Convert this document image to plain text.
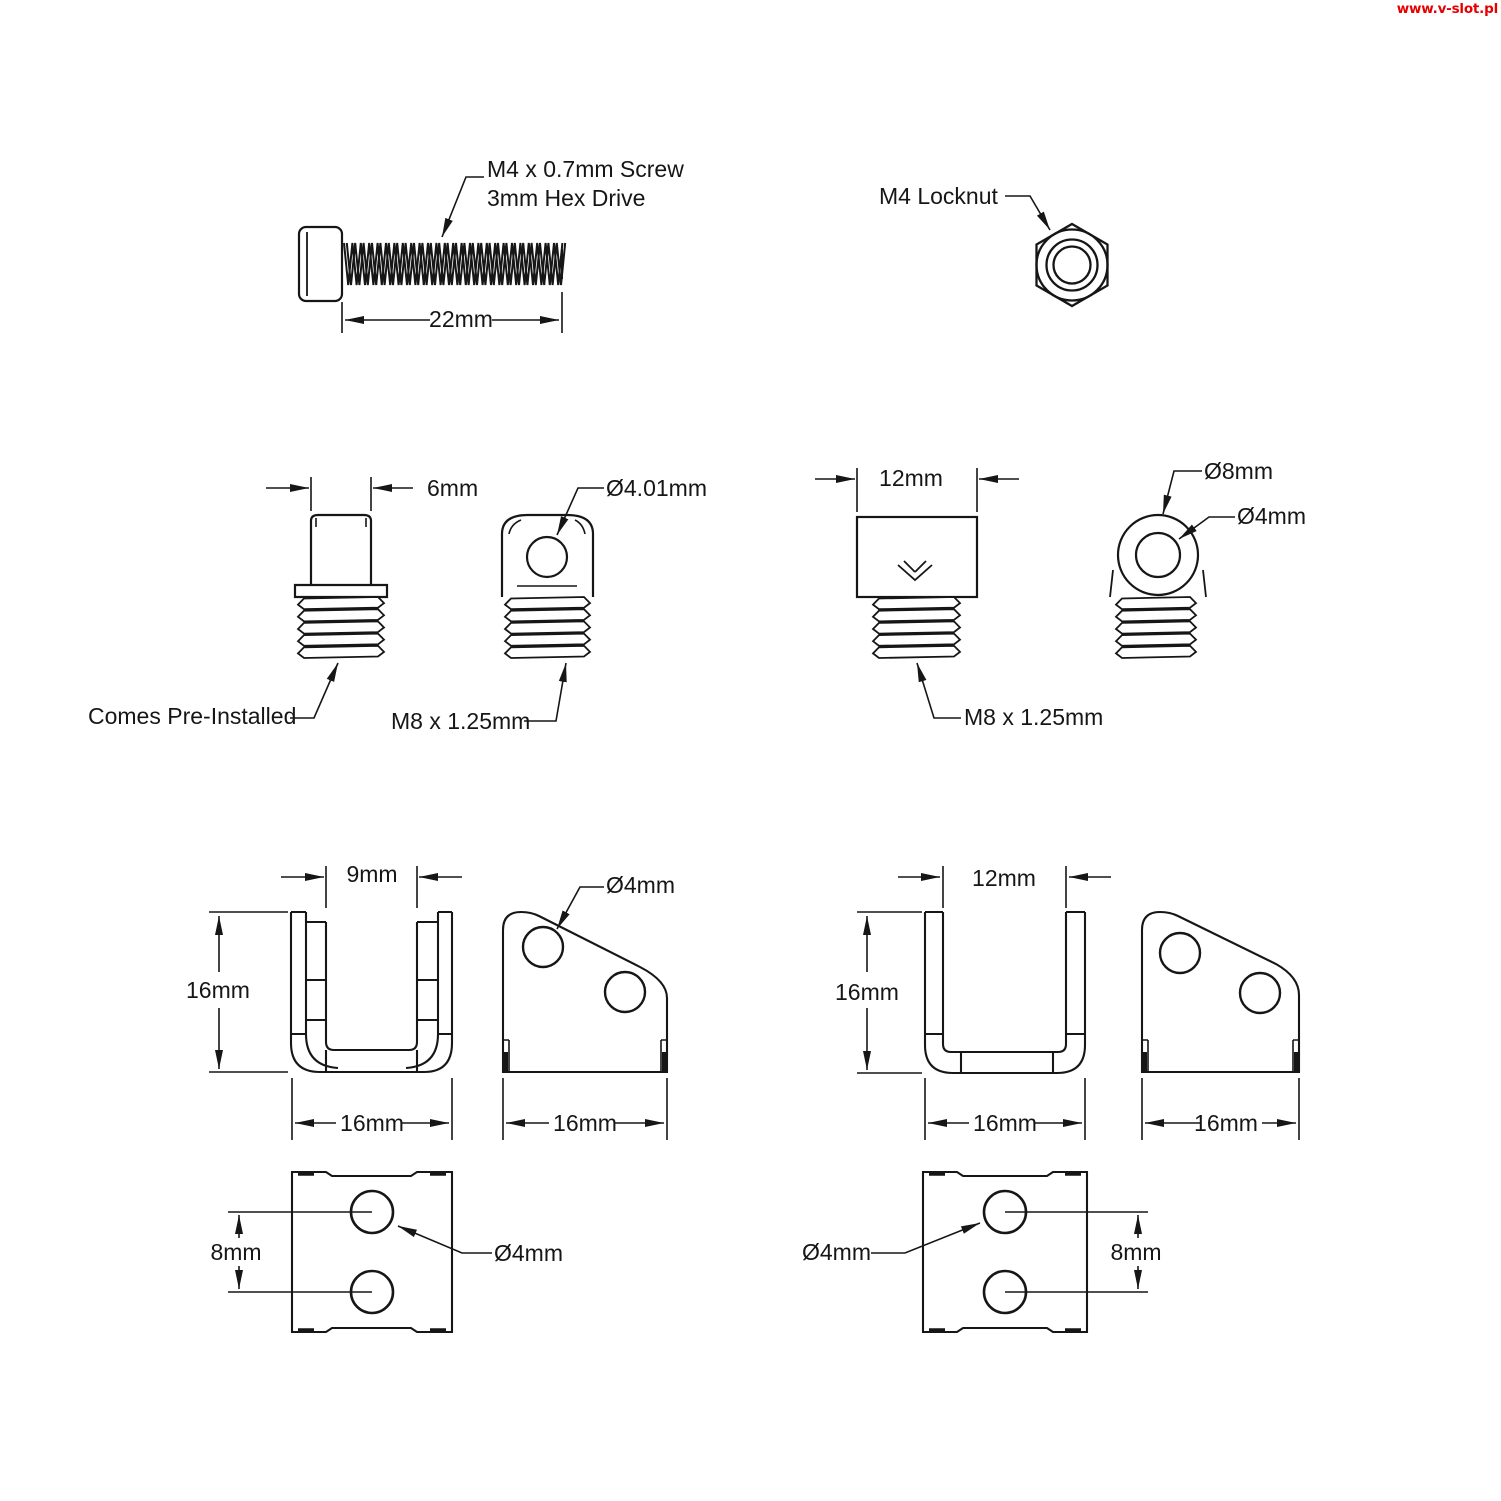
www.v-slot.pl
M4 x 0.7mm Screw
3mm Hex Drive
22mm
M4 Locknut
6mm	Ø4.01mm
Comes Pre-Installed	M8 x 1.25mm
12mm	Ø8mm
Ø4mm
M8 x 1.25mm
9mm	Ø4mm
16mm
16mm	16mm
8mm	Ø4mm
12mm
16mm
16mm	16mm
Ø4mm	8mm
